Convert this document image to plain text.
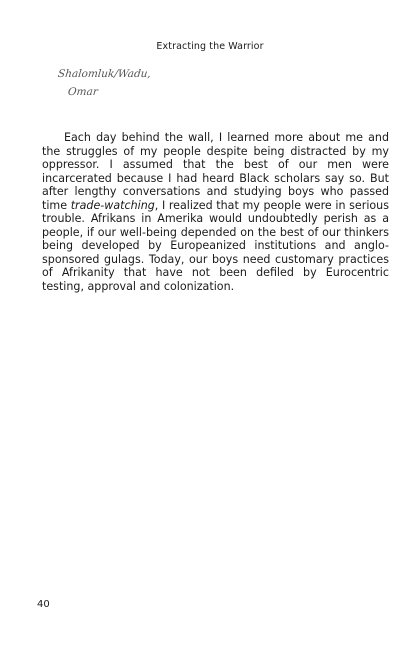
Extracting the Warrior
Shalomluk/Wadu,
Omar

Each day behind the wall, I learned more about me and the struggles of my people despite being distracted by my oppressor. I assumed that the best of our men were incarcerated because I had heard Black scholars say so. But after lengthy conversations and studying boys who passed time trade-watching, I realized that my people were in serious trouble. Afrikans in Amerika would undoubtedly perish as a people, if our well-being depended on the best of our thinkers being developed by Europeanized institutions and anglo-sponsored gulags. Today, our boys need customary practices of Afrikanity that have not been defiled by Eurocentric testing, approval and colonization.

40
